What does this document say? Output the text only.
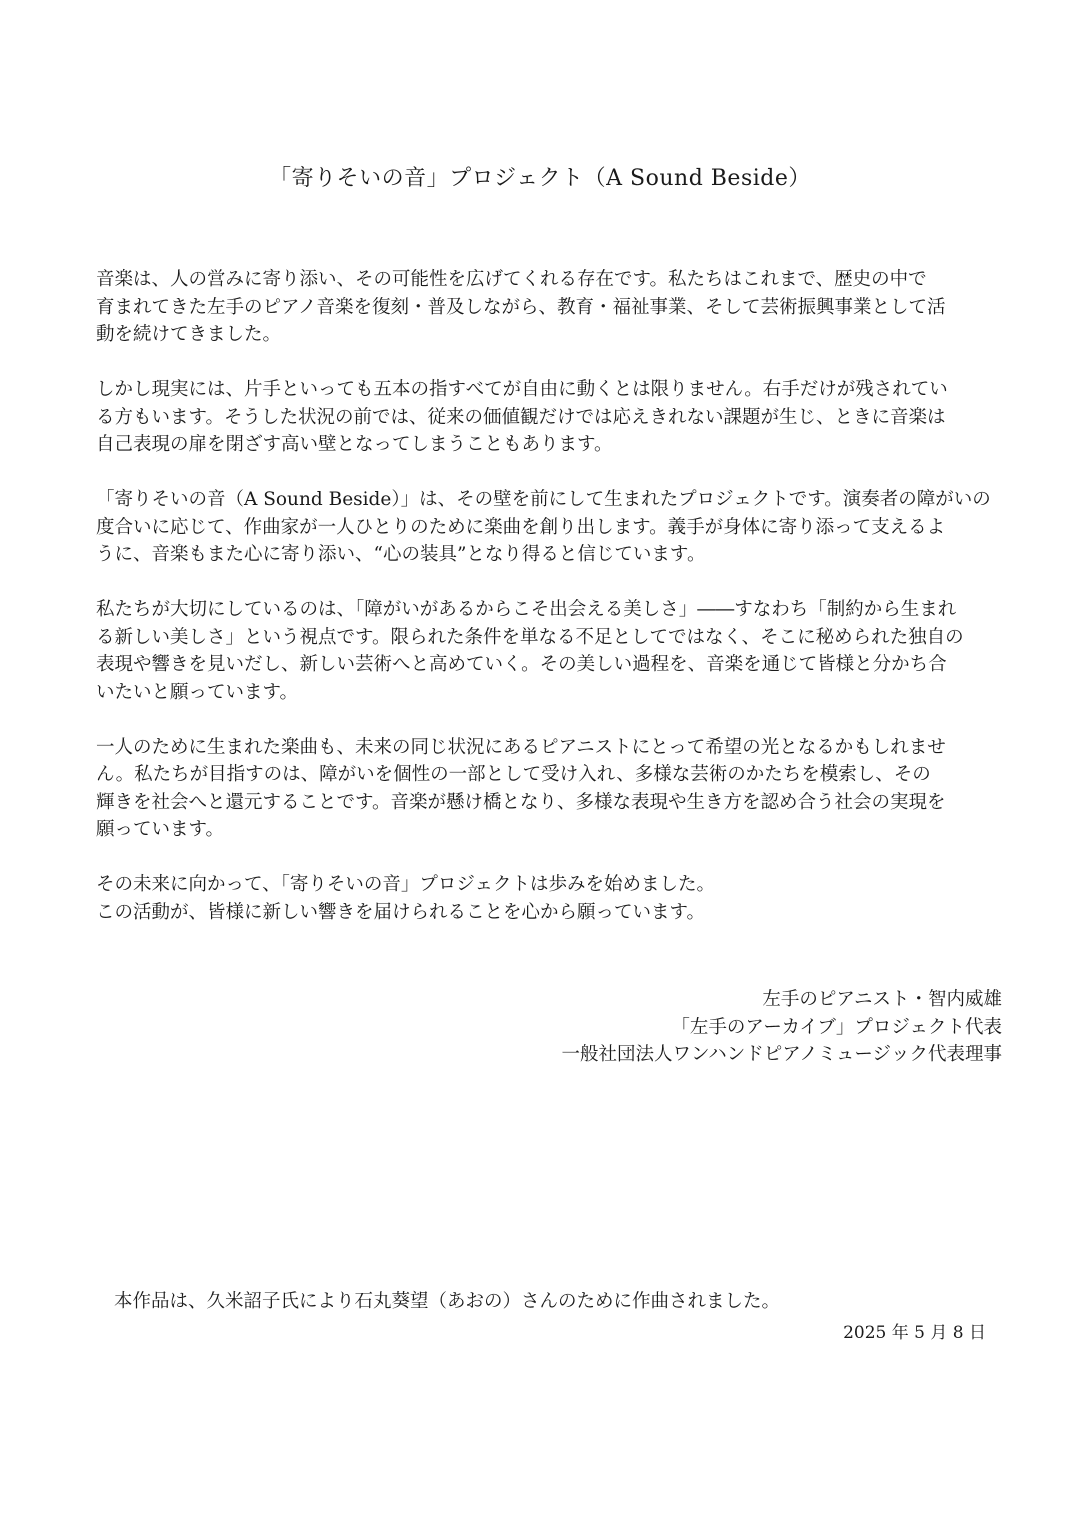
「寄りそいの音」プロジェクト（A Sound Beside）

音楽は、人の営みに寄り添い、その可能性を広げてくれる存在です。私たちはこれまで、歴史の中で
育まれてきた左手のピアノ音楽を復刻・普及しながら、教育・福祉事業、そして芸術振興事業として活
動を続けてきました。

しかし現実には、片手といっても五本の指すべてが自由に動くとは限りません。右手だけが残されてい
る方もいます。そうした状況の前では、従来の価値観だけでは応えきれない課題が生じ、ときに音楽は
自己表現の扉を閉ざす高い壁となってしまうこともあります。

「寄りそいの音（A Sound Beside）」は、その壁を前にして生まれたプロジェクトです。演奏者の障がいの
度合いに応じて、作曲家が一人ひとりのために楽曲を創り出します。義手が身体に寄り添って支えるよ
うに、音楽もまた心に寄り添い、“心の装具”となり得ると信じています。

私たちが大切にしているのは、「障がいがあるからこそ出会える美しさ」――すなわち「制約から生まれ
る新しい美しさ」という視点です。限られた条件を単なる不足としてではなく、そこに秘められた独自の
表現や響きを見いだし、新しい芸術へと高めていく。その美しい過程を、音楽を通じて皆様と分かち合
いたいと願っています。

一人のために生まれた楽曲も、未来の同じ状況にあるピアニストにとって希望の光となるかもしれませ
ん。私たちが目指すのは、障がいを個性の一部として受け入れ、多様な芸術のかたちを模索し、その
輝きを社会へと還元することです。音楽が懸け橋となり、多様な表現や生き方を認め合う社会の実現を
願っています。

その未来に向かって、「寄りそいの音」プロジェクトは歩みを始めました。
この活動が、皆様に新しい響きを届けられることを心から願っています。

左手のピアニスト・智内威雄
「左手のアーカイブ」プロジェクト代表
一般社団法人ワンハンドピアノミュージック代表理事
本作品は、久米詔子氏により石丸葵望（あおの）さんのために作曲されました。
2025 年 5 月 8 日
